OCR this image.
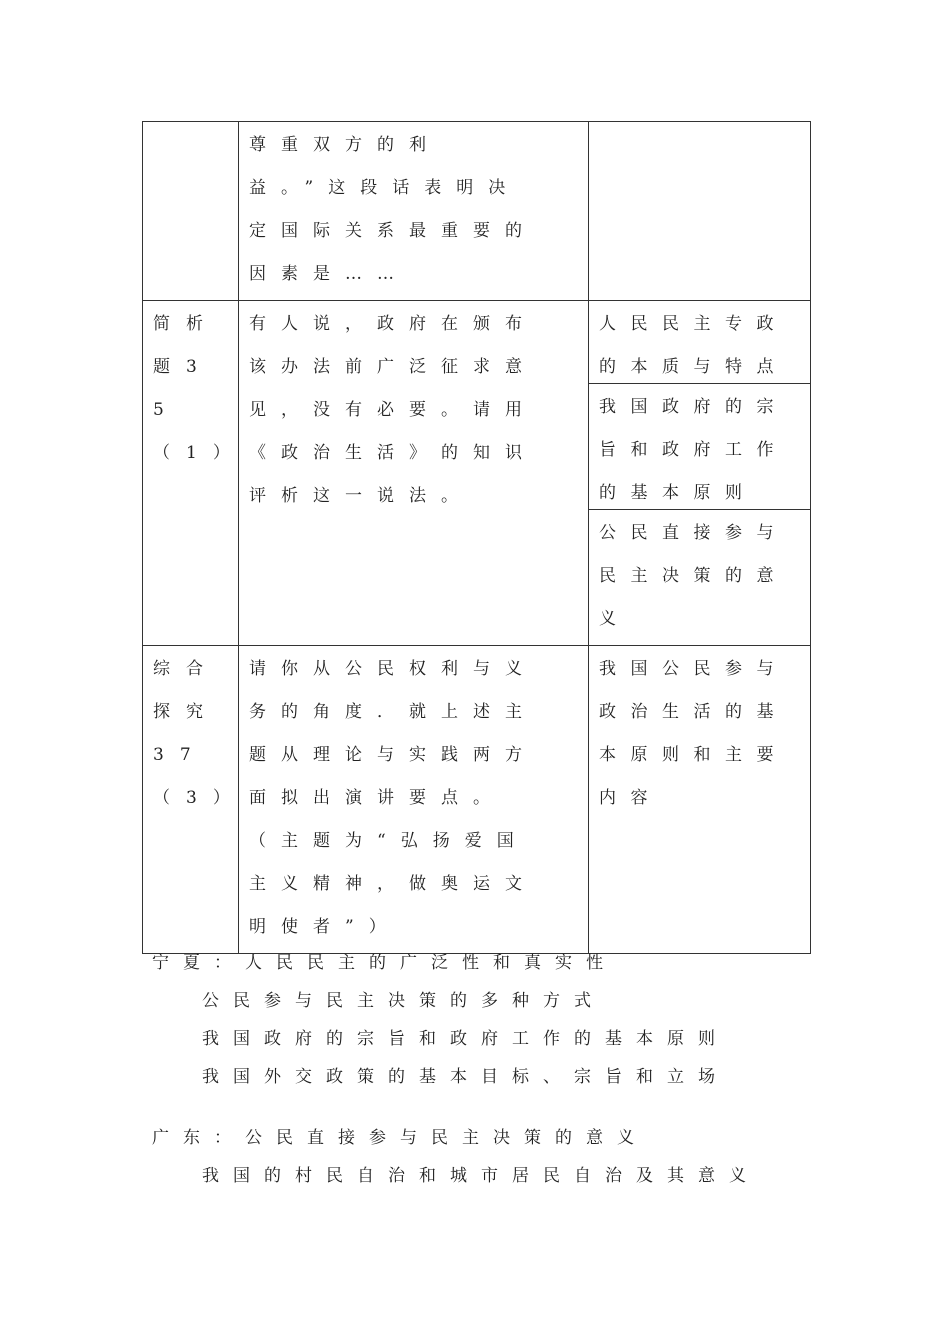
	尊重双方的利益。”这段话表明决定国际关系最重要的因素是……	

简析题35（1）	有人说，政府在颁布该办法前广泛征求意见，没有必要。请用《政治生活》的知识评析这一说法。	人民民主专政的本质与特点
我国政府的宗旨和政府工作的基本原则
公民直接参与民主决策的意义

综合探究37（3）	请你从公民权利与义务的角度．就上述主题从理论与实践两方面拟出演讲要点。（主题为“弘扬爱国主义精神，做奥运文明使者”）	我国公民参与政治生活的基本原则和主要内容
宁夏：人民民主的广泛性和真实性
公民参与民主决策的多种方式
我国政府的宗旨和政府工作的基本原则
我国外交政策的基本目标、宗旨和立场
广东：公民直接参与民主决策的意义
我国的村民自治和城市居民自治及其意义
